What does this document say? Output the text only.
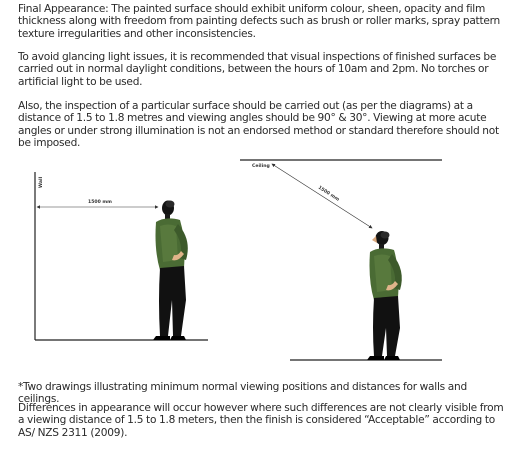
Final Appearance: The painted surface should exhibit uniform colour, sheen, opacity and film thickness along with freedom from painting defects such as brush or roller marks, spray pattern texture irregularities and other inconsistencies.

To avoid glancing light issues, it is recommended that visual inspections of finished surfaces be carried out in normal daylight conditions, between the hours of 10am and 2pm. No torches or artificial light to be used.

Also, the inspection of a particular surface should be carried out (as per the diagrams) at a distance of 1.5 to 1.8 metres and viewing angles should be 90° & 30°. Viewing at more acute angles or under strong illumination is not an endorsed method or standard therefore should not be imposed.

Wall
1500 mm
Ceiling
1500 mm

*Two drawings illustrating minimum normal viewing positions and distances for walls and ceilings.

Differences in appearance will occur however where such differences are not clearly visible from a viewing distance of 1.5 to 1.8 meters, then the finish is considered “Acceptable” according to AS/ NZS 2311 (2009).
